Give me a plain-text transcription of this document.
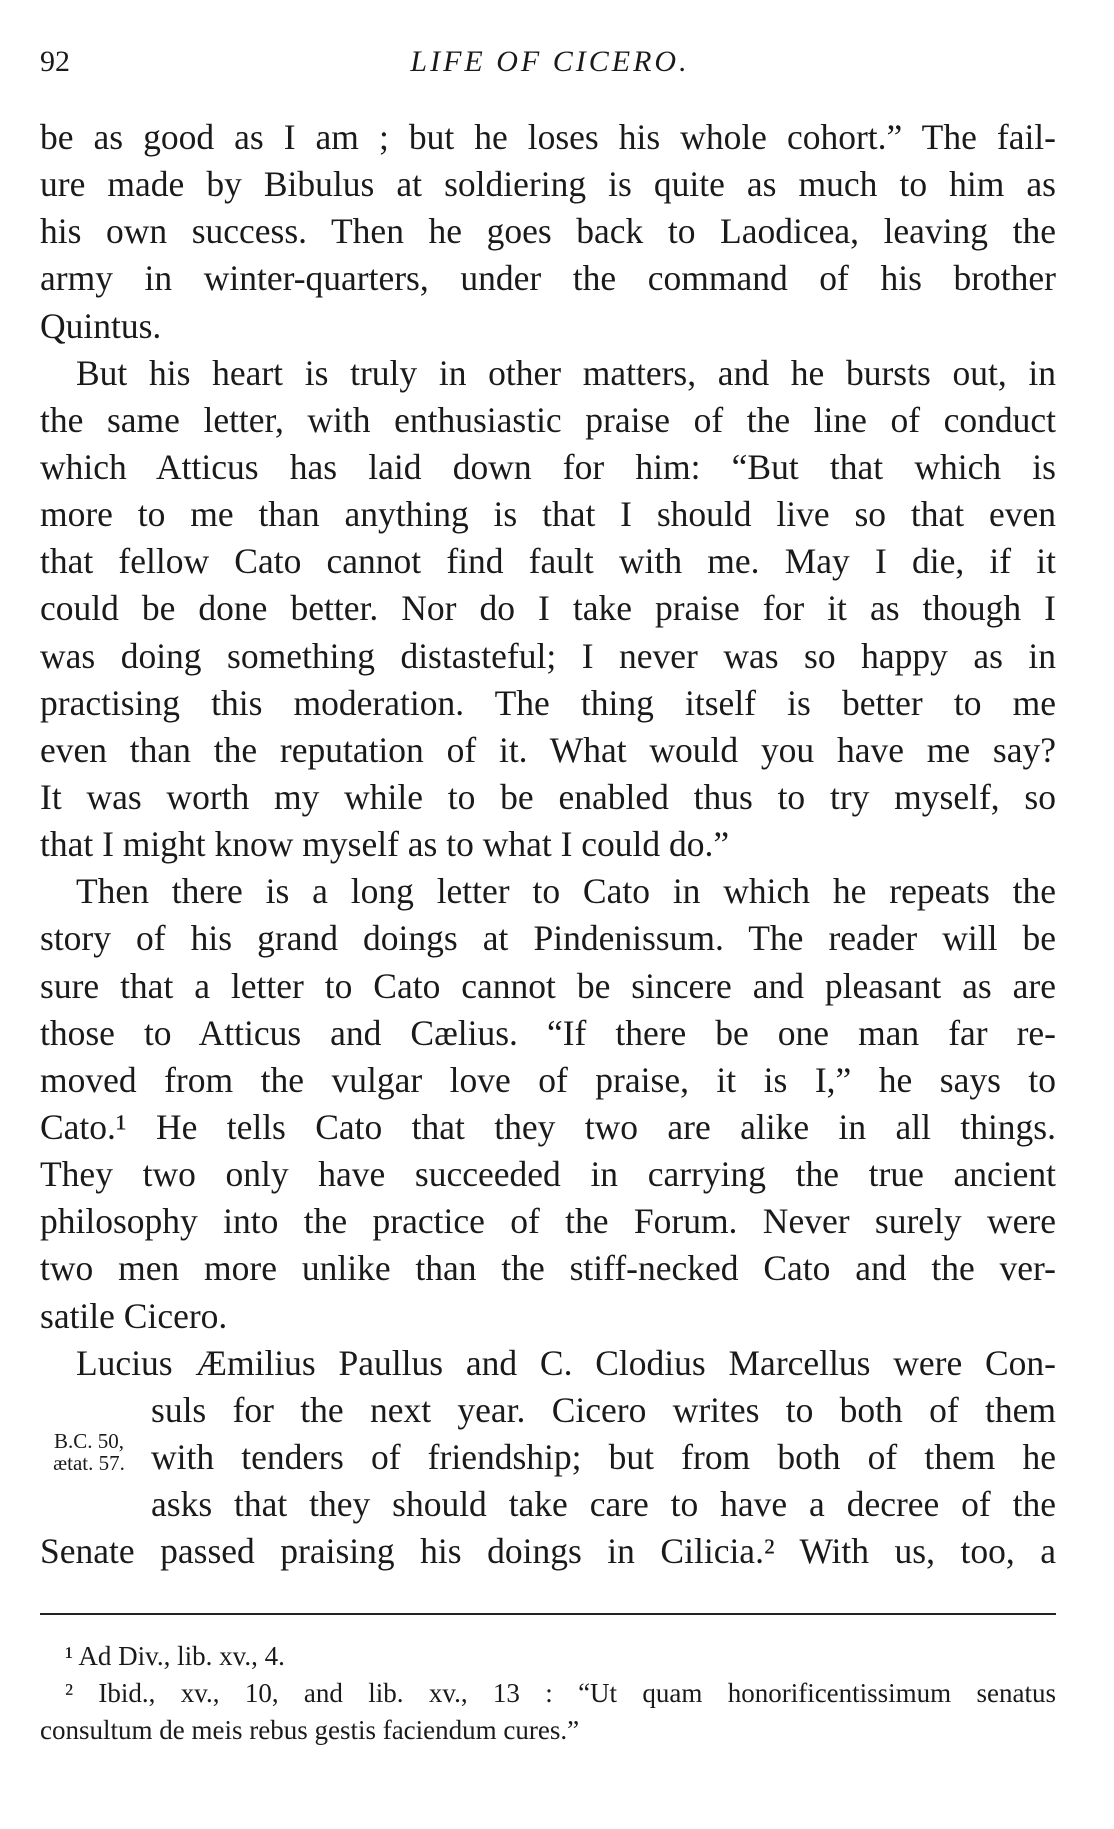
92	LIFE OF CICERO.
be as good as I am ; but he loses his whole cohort.” The fail-
ure made by Bibulus at soldiering is quite as much to him as
his own success. Then he goes back to Laodicea, leaving the
army in winter-quarters, under the command of his brother
Quintus.
But his heart is truly in other matters, and he bursts out, in
the same letter, with enthusiastic praise of the line of conduct
which Atticus has laid down for him: “But that which is
more to me than anything is that I should live so that even
that fellow Cato cannot find fault with me. May I die, if it
could be done better. Nor do I take praise for it as though I
was doing something distasteful; I never was so happy as in
practising this moderation. The thing itself is better to me
even than the reputation of it. What would you have me say?
It was worth my while to be enabled thus to try myself, so
that I might know myself as to what I could do.”
Then there is a long letter to Cato in which he repeats the
story of his grand doings at Pindenissum. The reader will be
sure that a letter to Cato cannot be sincere and pleasant as are
those to Atticus and Cælius. “If there be one man far re-
moved from the vulgar love of praise, it is I,” he says to
Cato.¹ He tells Cato that they two are alike in all things.
They two only have succeeded in carrying the true ancient
philosophy into the practice of the Forum. Never surely were
two men more unlike than the stiff-necked Cato and the ver-
satile Cicero.
Lucius Æmilius Paullus and C. Clodius Marcellus were Con-
suls for the next year. Cicero writes to both of them
with tenders of friendship; but from both of them he
asks that they should take care to have a decree of the
Senate passed praising his doings in Cilicia.² With us, too, a
B.C. 50,
ætat. 57.
¹ Ad Div., lib. xv., 4.
² Ibid., xv., 10, and lib. xv., 13 : “Ut quam honorificentissimum senatus
consultum de meis rebus gestis faciendum cures.”
